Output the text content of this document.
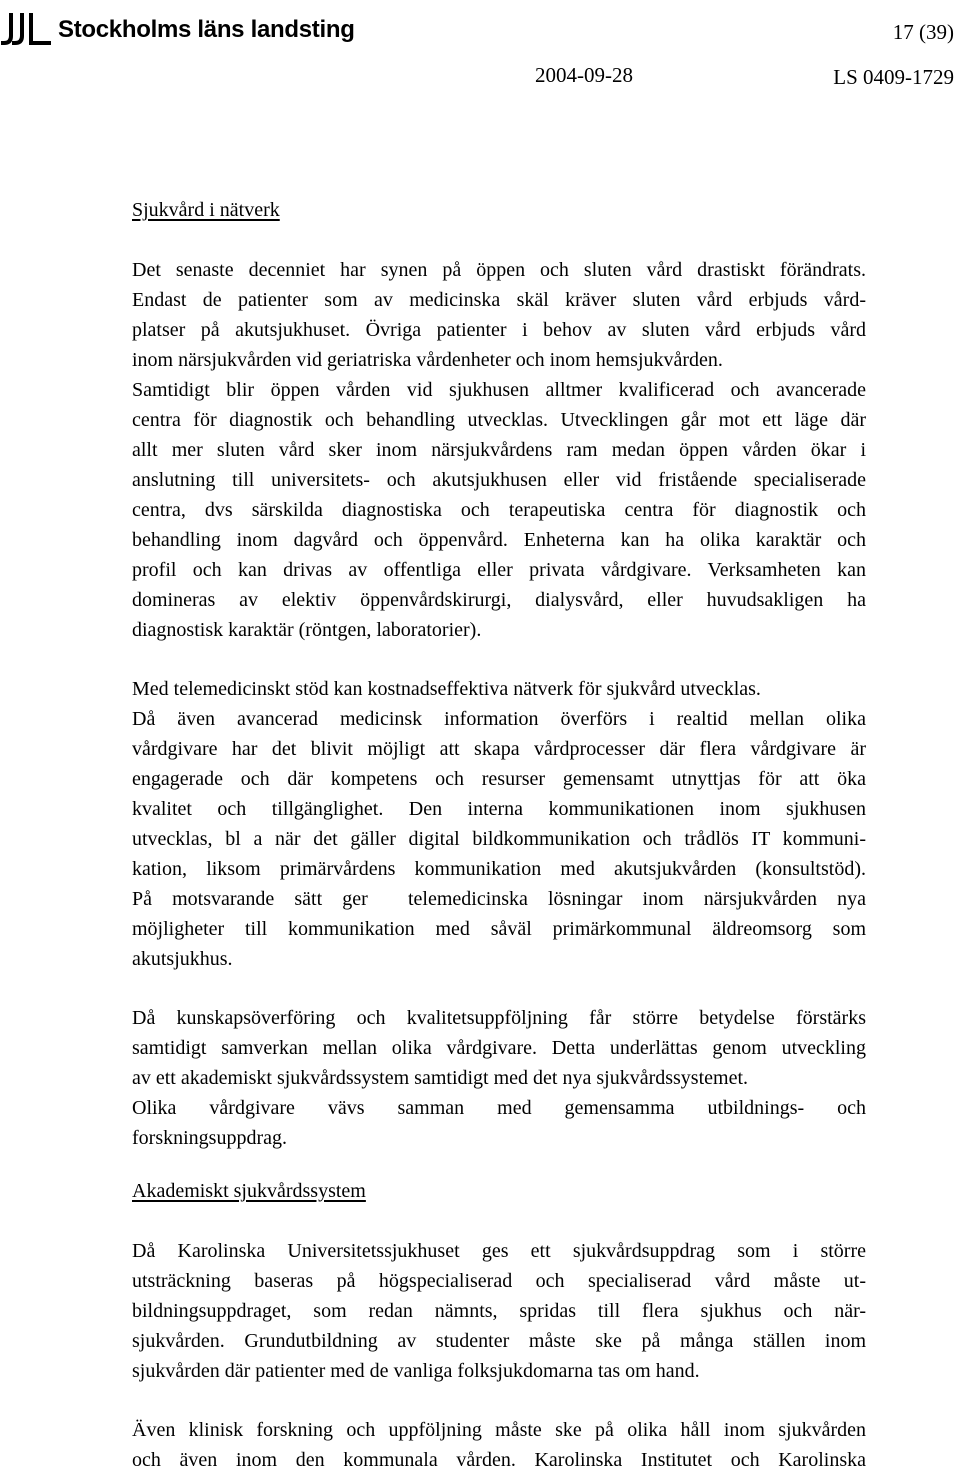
Stockholms läns landsting	17 (39)
2004-09-28	LS 0409-1729
Sjukvård i nätverk
Det senaste decenniet har synen på öppen och sluten vård drastiskt förändrats.
Endast de patienter som av medicinska skäl kräver sluten vård erbjuds vård-
platser på akutsjukhuset. Övriga patienter i behov av sluten vård erbjuds vård
inom närsjukvården vid geriatriska vårdenheter och inom hemsjukvården.
Samtidigt blir öppen vården vid sjukhusen alltmer kvalificerad och avancerade
centra för diagnostik och behandling utvecklas. Utvecklingen går mot ett läge där
allt mer sluten vård sker inom närsjukvårdens ram medan öppen vården ökar i
anslutning till universitets- och akutsjukhusen eller vid fristående specialiserade
centra, dvs särskilda diagnostiska och terapeutiska centra för diagnostik och
behandling inom dagvård och öppenvård. Enheterna kan ha olika karaktär och
profil och kan drivas av offentliga eller privata vårdgivare. Verksamheten kan
domineras av elektiv öppenvårdskirurgi, dialysvård, eller huvudsakligen ha
diagnostisk karaktär (röntgen, laboratorier).
Med telemedicinskt stöd kan kostnadseffektiva nätverk för sjukvård utvecklas.
Då även avancerad medicinsk information överförs i realtid mellan olika
vårdgivare har det blivit möjligt att skapa vårdprocesser där flera vårdgivare är
engagerade och där kompetens och resurser gemensamt utnyttjas för att öka
kvalitet och tillgänglighet. Den interna kommunikationen inom sjukhusen
utvecklas, bl a när det gäller digital bildkommunikation och trådlös IT kommuni-
kation, liksom primärvårdens kommunikation med akutsjukvården (konsultstöd).
På motsvarande sätt ger  telemedicinska lösningar inom närsjukvården nya
möjligheter till kommunikation med såväl primärkommunal äldreomsorg som
akutsjukhus.
Då kunskapsöverföring och kvalitetsuppföljning får större betydelse förstärks
samtidigt samverkan mellan olika vårdgivare. Detta underlättas genom utveckling
av ett akademiskt sjukvårdssystem samtidigt med det nya sjukvårdssystemet.
Olika vårdgivare vävs samman med gemensamma utbildnings- och
forskningsuppdrag.
Akademiskt sjukvårdssystem
Då Karolinska Universitetssjukhuset ges ett sjukvårdsuppdrag som i större
utsträckning baseras på högspecialiserad och specialiserad vård måste ut-
bildningsuppdraget, som redan nämnts, spridas till flera sjukhus och när-
sjukvården. Grundutbildning av studenter måste ske på många ställen inom
sjukvården där patienter med de vanliga folksjukdomarna tas om hand.
Även klinisk forskning och uppföljning måste ske på olika håll inom sjukvården
och även inom den kommunala vården. Karolinska Institutet och Karolinska
